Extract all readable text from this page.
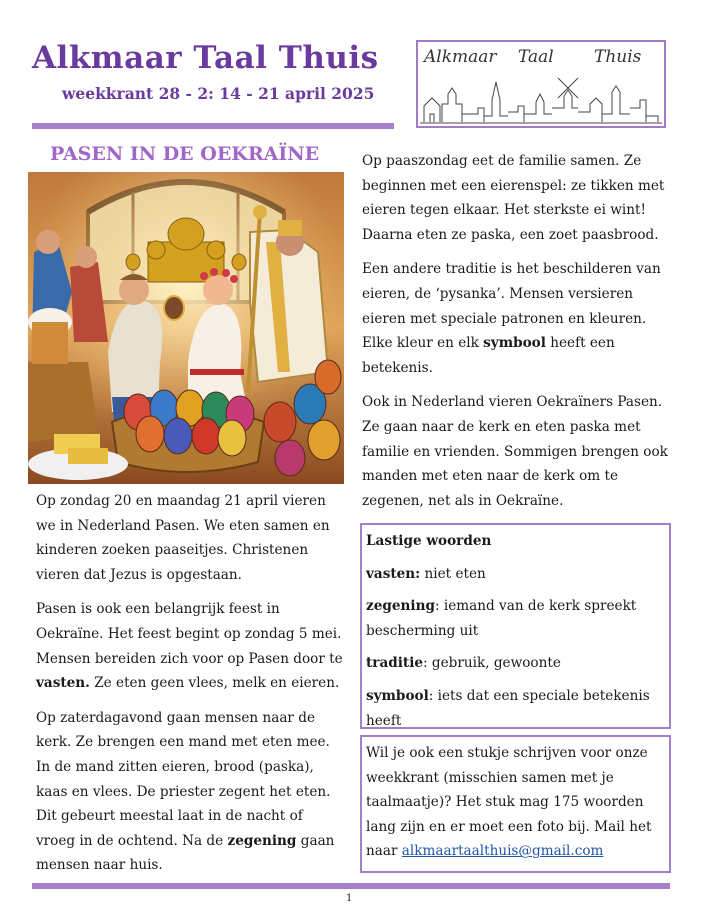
Alkmaar Taal Thuis
weekkrant 28 - 2: 14 - 21 april 2025
Alkmaar Taal Thuis
PASEN IN DE OEKRAÏNE

Op zondag 20 en maandag 21 april vieren we in Nederland Pasen. We eten samen en kinderen zoeken paaseitjes. Christenen vieren dat Jezus is opgestaan.

Pasen is ook een belangrijk feest in Oekraïne. Het feest begint op zondag 5 mei. Mensen bereiden zich voor op Pasen door te vasten. Ze eten geen vlees, melk en eieren.

Op zaterdagavond gaan mensen naar de kerk. Ze brengen een mand met eten mee. In de mand zitten eieren, brood (paska), kaas en vlees. De priester zegent het eten. Dit gebeurt meestal laat in de nacht of vroeg in de ochtend. Na de zegening gaan mensen naar huis.

Op paaszondag eet de familie samen. Ze beginnen met een eierenspel: ze tikken met eieren tegen elkaar. Het sterkste ei wint! Daarna eten ze paska, een zoet paasbrood.

Een andere traditie is het beschilderen van eieren, de ‘pysanka’. Mensen versieren eieren met speciale patronen en kleuren. Elke kleur en elk symbool heeft een betekenis.

Ook in Nederland vieren Oekraïners Pasen. Ze gaan naar de kerk en eten paska met familie en vrienden. Sommigen brengen ook manden met eten naar de kerk om te zegenen, net als in Oekraïne.

Lastige woorden

vasten: niet eten

zegening: iemand van de kerk spreekt bescherming uit

traditie: gebruik, gewoonte

symbool: iets dat een speciale betekenis heeft

Wil je ook een stukje schrijven voor onze weekkrant (misschien samen met je taalmaatje)? Het stuk mag 175 woorden lang zijn en er moet een foto bij. Mail het naar alkmaartaalthuis@gmail.com
1
